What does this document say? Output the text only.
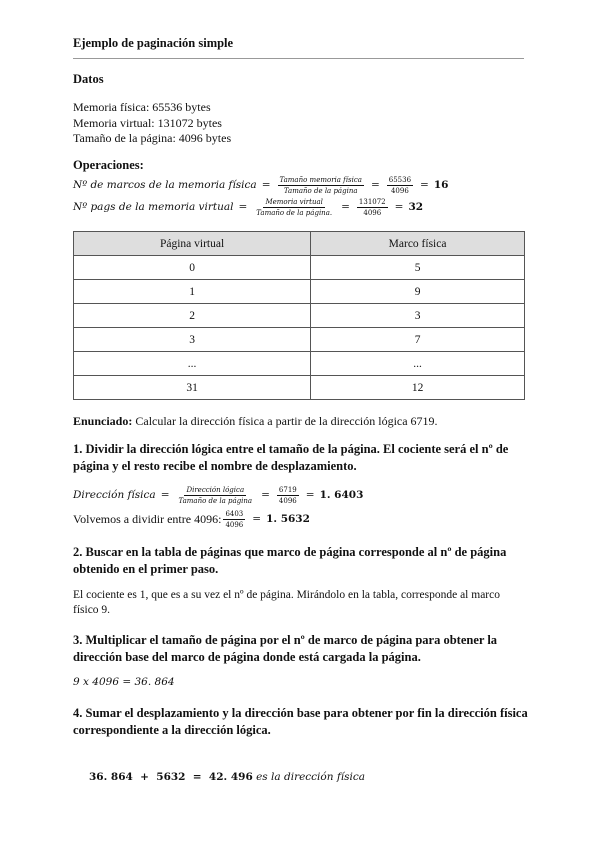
Ejemplo de paginación simple
Datos
Memoria física: 65536 bytes
Memoria virtual: 131072 bytes
Tamaño de la página: 4096 bytes
Operaciones:
Nº de marcos de la memoria física = $\frac{\text{Tamaño memoria física}}{\text{Tamaño de la página}} = \frac{65536}{4096} = 16$
Nº pags de la memoria virtual = $\frac{\text{Memoria virtual}}{\text{Tamaño de la página.}} = \frac{131072}{4096} = 32$
Página virtual	Marco física
0	5
1	9
2	3
3	7
...	...
31	12
Enunciado: Calcular la dirección física a partir de la dirección lógica 6719.
1. Dividir la dirección lógica entre el tamaño de la página. El cociente será el nº de página y el resto recibe el nombre de desplazamiento.
Dirección física = $\frac{\text{Dirección lógica}}{\text{Tamaño de la página}} = \frac{6719}{4096} = 1$. 6403
Volvemos a dividir entre 4096: $\frac{6403}{4096} = 1$. 5632
2. Buscar en la tabla de páginas que marco de página corresponde al nº de página obtenido en el primer paso.
El cociente es 1, que es a su vez el nº de página. Mirándolo en la tabla, corresponde al marco físico 9.
3. Multiplicar el tamaño de página por el nº de marco de página para obtener la dirección base del marco de página donde está cargada la página.
9 x 4096 = 36. 864
4. Sumar el desplazamiento y la dirección base para obtener por fin la dirección física correspondiente a la dirección lógica.

36. 864  +  5632  =  42. 496 es la dirección física
